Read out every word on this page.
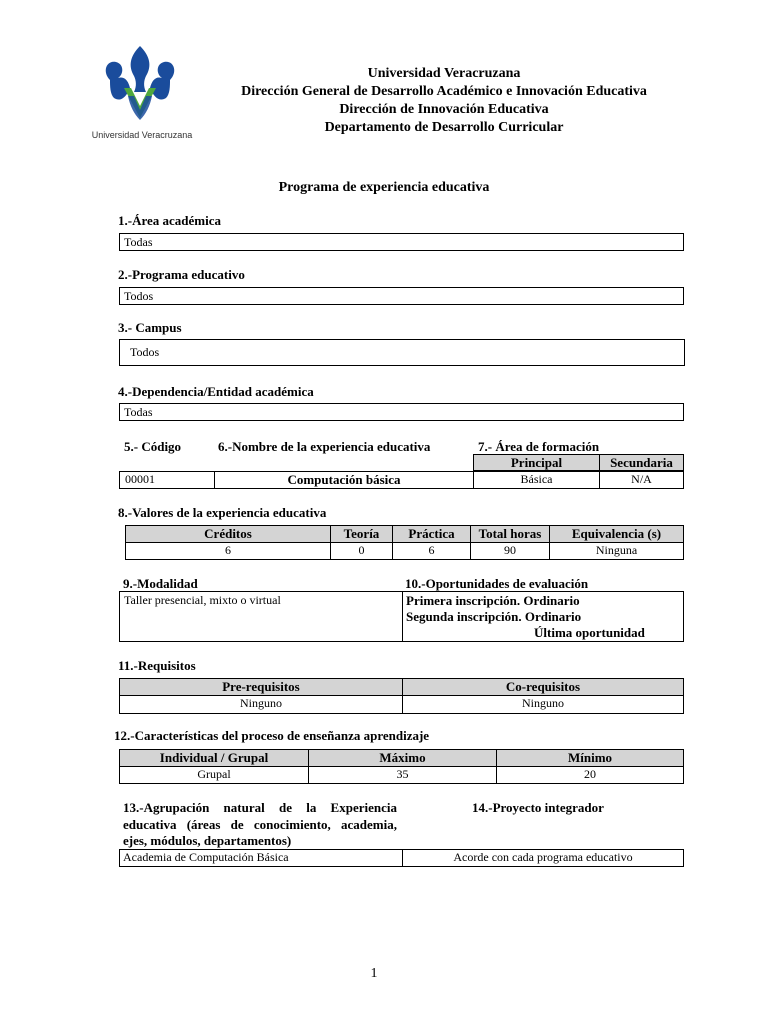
Universidad Veracruzana
Universidad Veracruzana
Dirección General de Desarrollo Académico e Innovación Educativa
Dirección de Innovación Educativa
Departamento de Desarrollo Curricular
Programa de experiencia educativa
1.-Área académica
Todas
2.-Programa educativo
Todos
3.- Campus
Todos
4.-Dependencia/Entidad académica
Todas
5.- Código	6.-Nombre de la experiencia educativa	7.- Área de formación
Principal	Secundaria
00001	Computación básica	Básica	N/A
8.-Valores de la experiencia educativa
Créditos	Teoría	Práctica	Total horas	Equivalencia (s)
6	0	6	90	Ninguna
9.-Modalidad	10.-Oportunidades de evaluación
Taller presencial, mixto o virtual	Primera inscripción. Ordinario
Segunda inscripción. Ordinario
Última oportunidad
11.-Requisitos
Pre-requisitos	Co-requisitos
Ninguno	Ninguno
12.-Características del proceso de enseñanza aprendizaje
Individual / Grupal	Máximo	Mínimo
Grupal	35	20
13.-Agrupación natural de la Experiencia
educativa (áreas de conocimiento, academia,
ejes, módulos, departamentos)
14.-Proyecto integrador
Academia de Computación Básica	Acorde con cada programa educativo
1
